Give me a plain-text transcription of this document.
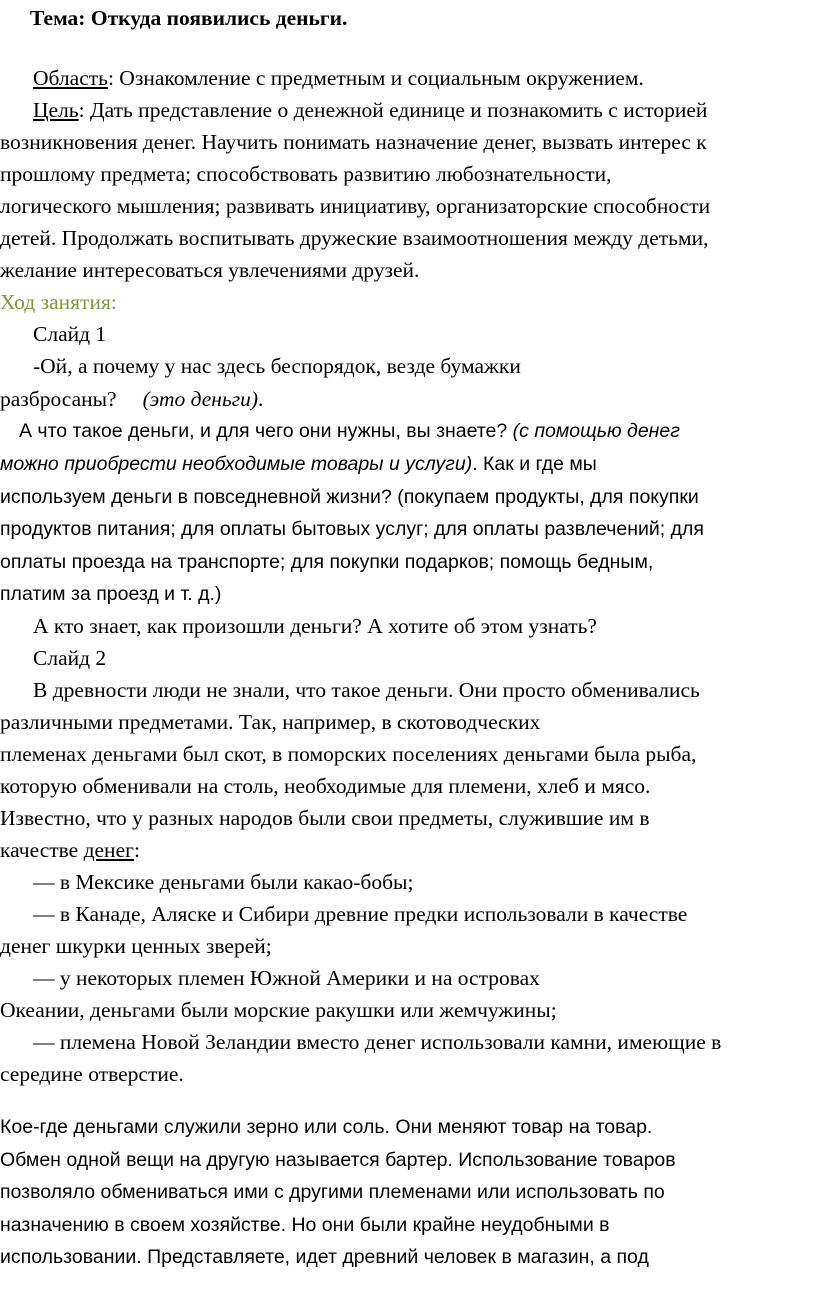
Тема: Откуда появились деньги.

Область: Ознакомление с предметным и социальным окружением.

Цель: Дать представление о денежной единице и познакомить с историей

возникновения денег. Научить понимать назначение денег, вызвать интерес к

прошлому предмета; способствовать развитию любознательности,

логического мышления; развивать инициативу, организаторские способности

детей. Продолжать воспитывать дружеские взаимоотношения между детьми,

желание интересоваться увлечениями друзей.

Ход занятия:

Слайд 1

-Ой, а почему у нас здесь беспорядок, везде бумажки

разбросаны? (это деньги).

А что такое деньги, и для чего они нужны, вы знаете? (с помощью денег

можно приобрести необходимые товары и услуги). Как и где мы

используем деньги в повседневной жизни? (покупаем продукты, для покупки

продуктов питания; для оплаты бытовых услуг; для оплаты развлечений; для

оплаты проезда на транспорте; для покупки подарков; помощь бедным,

платим за проезд и т. д.)

А кто знает, как произошли деньги? А хотите об этом узнать?

Слайд 2

В древности люди не знали, что такое деньги. Они просто обменивались

различными предметами. Так, например, в скотоводческих

племенах деньгами был скот, в поморских поселениях деньгами была рыба,

которую обменивали на столь, необходимые для племени, хлеб и мясо.

Известно, что у разных народов были свои предметы, служившие им в

качестве денег:

— в Мексике деньгами были какао-бобы;

— в Канаде, Аляске и Сибири древние предки использовали в качестве

денег шкурки ценных зверей;

— у некоторых племен Южной Америки и на островах

Океании, деньгами были морские ракушки или жемчужины;

— племена Новой Зеландии вместо денег использовали камни, имеющие в

середине отверстие.

Кое-где деньгами служили зерно или соль. Они меняют товар на товар.

Обмен одной вещи на другую называется бартер. Использование товаров

позволяло обмениваться ими с другими племенами или использовать по

назначению в своем хозяйстве. Но они были крайне неудобными в

использовании. Представляете, идет древний человек в магазин, а под
